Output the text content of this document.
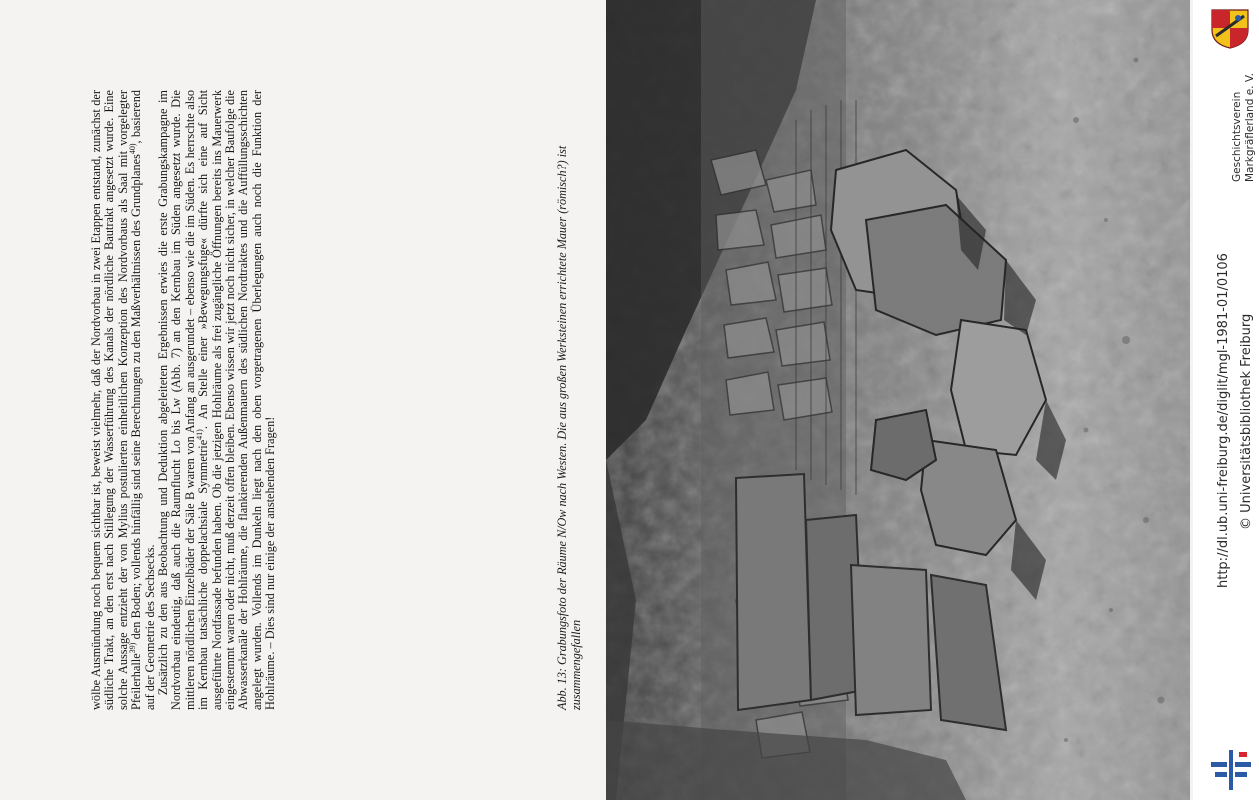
wölbe Ausmündung noch bequem sichtbar ist, beweist vielmehr, daß der Nordvorbau in zwei Etappen entstand, zunächst der südliche Trakt, an den erst nach Stillegung der Wasserführung des Kanals der nördliche Bautrakt angesetzt wurde. Eine solche Aussage entzieht der von Mylius postulierten einheitlichen Konzeption des Nordvorbaus als Saal mit vorgelegter Pfeilerhalle$^{39)}$ den Boden; vollends hinfällig sind seine Berechnungen zu den Maßverhältnissen des Grundplanes$^{40)}$, basierend auf der Geometrie des Sechsecks. Zusätzlich zu den aus Beobachtung und Deduktion abgeleiteten Ergebnissen erwies die erste Grabungskampagne im Nordvorbau eindeutig, daß auch die Raumflucht Lo bis Lw (Abb. 7) an den Kernbau im Süden angesetzt wurde. Die mittleren nördlichen Einzelbäder der Säle B waren von Anfang an ausgerundet – ebenso wie die im Süden. Es herrschte also im Kernbau tatsächliche doppelachsiale Symmetrie$^{41)}$. An Stelle einer »Bewegungsfuge« dürfte sich eine auf Sicht ausgeführte Nordfassade befunden haben. Ob die jetzigen Hohlräume als frei zugängliche Öffnungen bereits ins Mauerwerk eingestemmt waren oder nicht, muß derzeit offen bleiben. Ebenso wissen wir jetzt noch nicht sicher, in welcher Baufolge die Abwasserkanäle der Hohlräume, die flankierenden Außenmauern des südlichen Nordtraktes und die Auffüllungsschichten angelegt wurden. Vollends im Dunkeln liegt nach den oben vorgetragenen Überlegungen auch noch die Funktion der Hohlräume. – Dies sind nur einige der anstehenden Fragen!	Abb. 13: Grabungsfoto der Räume N/Ow nach Westen. Die aus großen Werksteinen errichtete Mauer (römisch?) ist zusammengefallen
Geschichtsverein Markgräflerland e. V.
http://dl.ub.uni-freiburg.de/diglit/mgl-1981-01/0106 © Universitätsbibliothek Freiburg
